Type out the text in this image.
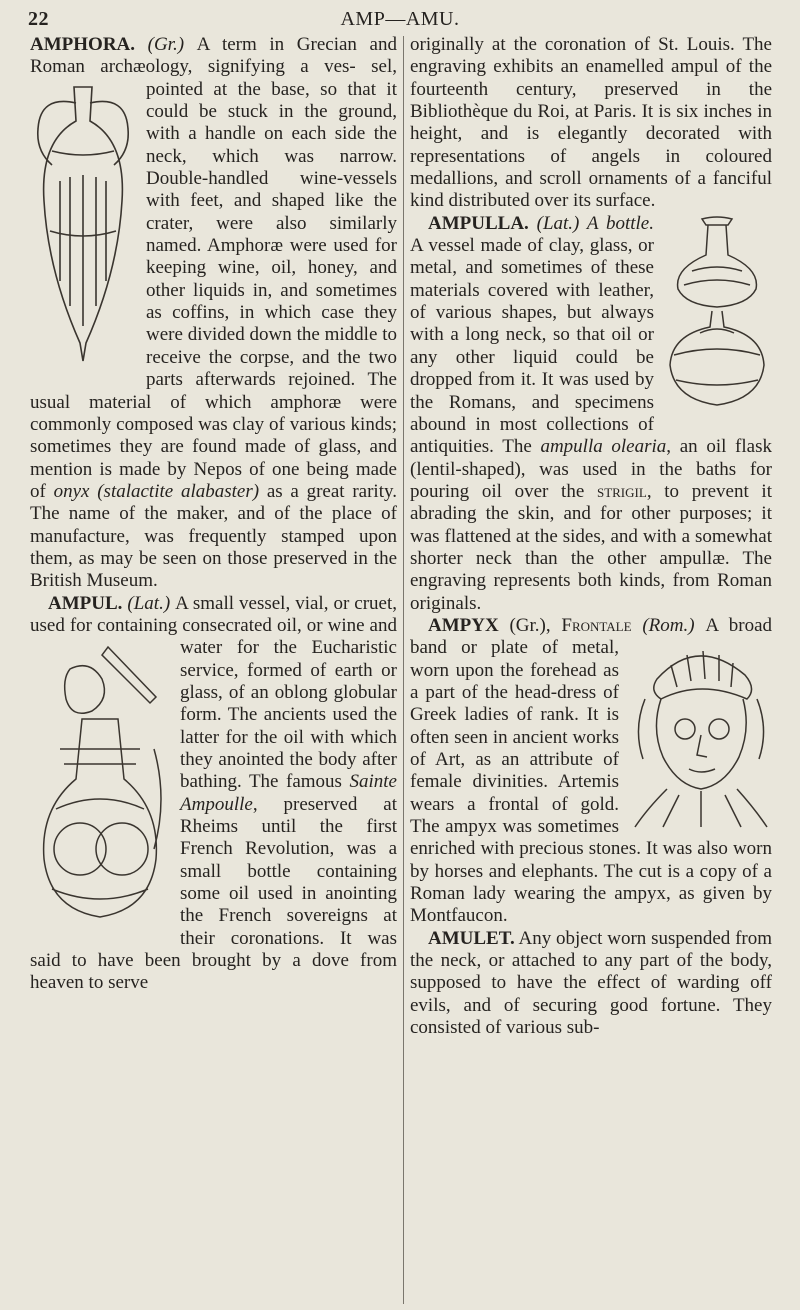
22	AMP—AMU.

AMPHORA. (Gr.) A term in Grecian and Roman archæology, signifying a ves- sel, pointed at the base, so that it could be stuck in the ground, with a handle on each side the neck, which was narrow. Double-handled wine-vessels with feet, and shaped like the crater, were also similarly named. Amphoræ were used for keeping wine, oil, honey, and other liquids in, and sometimes as coffins, in which case they were divided down the middle to receive the corpse, and the two parts afterwards rejoined. The usual material of which amphoræ were commonly composed was clay of various kinds; sometimes they are found made of glass, and mention is made by Nepos of one being made of onyx (stalactite alabaster) as a great rarity. The name of the maker, and of the place of manufacture, was frequently stamped upon them, as may be seen on those preserved in the British Museum.

AMPUL. (Lat.) A small vessel, vial, or cruet, used for containing consecrated oil, or wine and water for the Eucharistic service, formed of earth or glass, of an oblong globular form. The ancients used the latter for the oil with which they anointed the body after bathing. The famous Sainte Ampoulle, preserved at Rheims until the first French Revolution, was a small bottle containing some oil used in anointing the French sovereigns at their coronations. It was said to have been brought by a dove from heaven to serve

originally at the coronation of St. Louis. The engraving exhibits an enamelled ampul of the fourteenth century, preserved in the Bibliothèque du Roi, at Paris. It is six inches in height, and is elegantly decorated with representations of angels in coloured medallions, and scroll ornaments of a fanciful kind distributed over its surface.

AMPULLA. (Lat.) A bottle.
A vessel made of clay, glass, or metal, and sometimes of these materials covered with leather, of various shapes, but always with a long neck, so that oil or any other liquid could be dropped from it. It was used by the Romans, and specimens abound in most collections of antiquities. The ampulla olearia, an oil flask (lentil-shaped), was used in the baths for pouring oil over the strigil, to prevent it abrading the skin, and for other purposes; it was flattened at the sides, and with a somewhat shorter neck than the other ampullæ. The engraving represents both kinds, from Roman originals.

AMPYX (Gr.), Frontale (Rom.)
A broad band or plate of metal, worn upon the forehead as a part of the head-dress of Greek ladies of rank. It is often seen in ancient works of Art, as an attribute of female divinities. Artemis wears a frontal of gold. The ampyx was sometimes enriched with precious stones. It was also worn by horses and elephants. The cut is a copy of a Roman lady wearing the ampyx, as given by Montfaucon.

AMULET. Any object worn suspended from the neck, or attached to any part of the body, supposed to have the effect of warding off evils, and of securing good fortune. They consisted of various sub-
